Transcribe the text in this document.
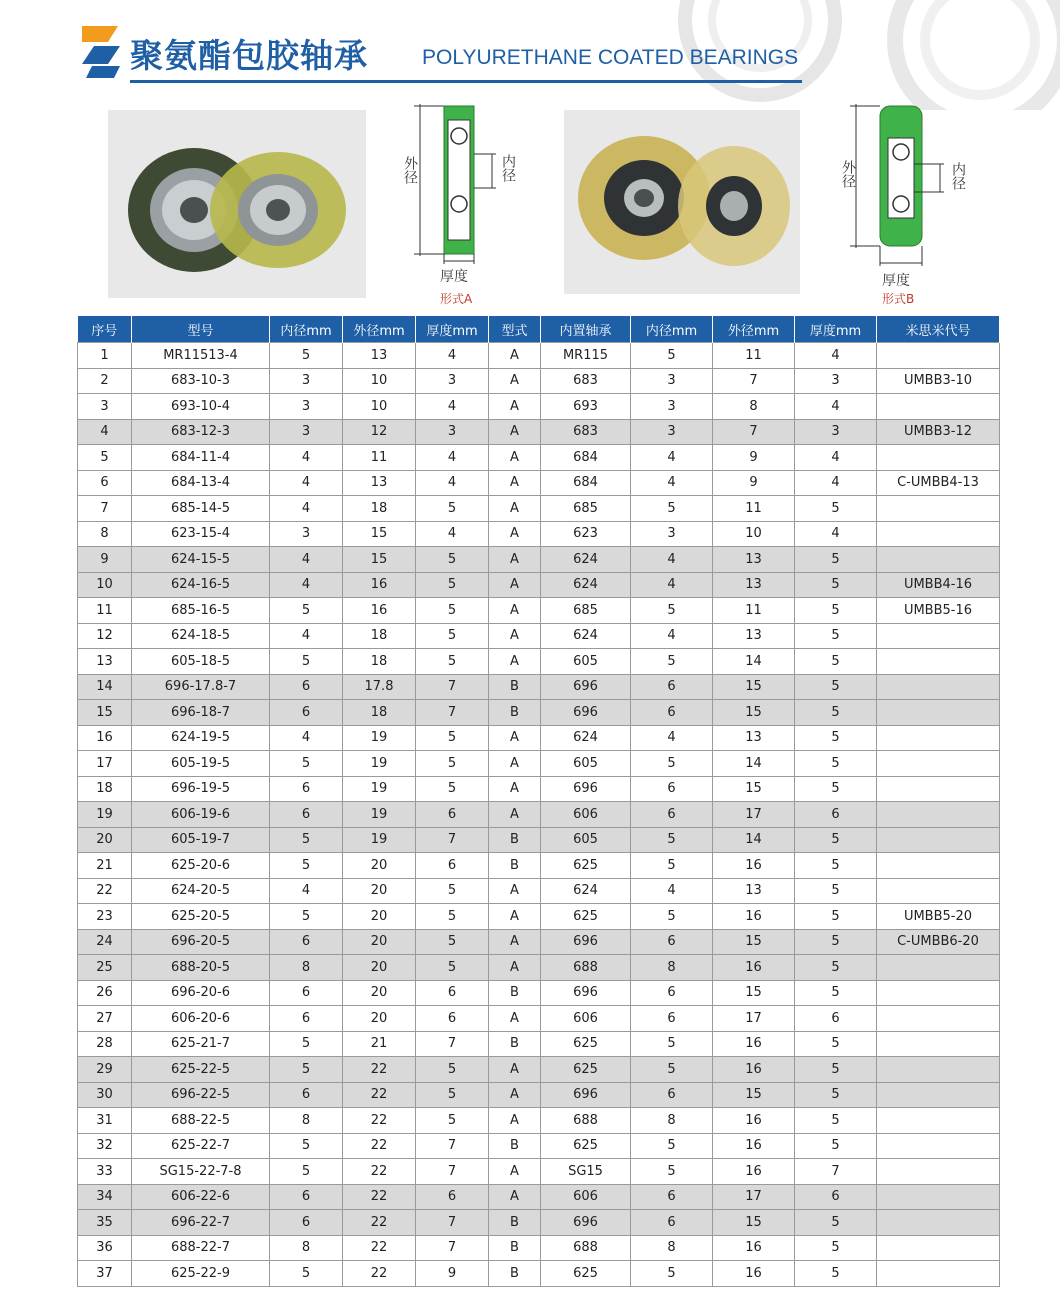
聚氨酯包胶轴承	POLYURETHANE COATED BEARINGS
外径	内径
厚度
形式A
外径	内径
厚度
形式B
序号	型号	内径mm	外径mm	厚度mm	型式	内置轴承	内径mm	外径mm	厚度mm	米思米代号
1	MR11513-4	5	13	4	A	MR115	5	11	4	
2	683-10-3	3	10	3	A	683	3	7	3	UMBB3-10
3	693-10-4	3	10	4	A	693	3	8	4	
4	683-12-3	3	12	3	A	683	3	7	3	UMBB3-12
5	684-11-4	4	11	4	A	684	4	9	4	
6	684-13-4	4	13	4	A	684	4	9	4	C-UMBB4-13
7	685-14-5	4	18	5	A	685	5	11	5	
8	623-15-4	3	15	4	A	623	3	10	4	
9	624-15-5	4	15	5	A	624	4	13	5	
10	624-16-5	4	16	5	A	624	4	13	5	UMBB4-16
11	685-16-5	5	16	5	A	685	5	11	5	UMBB5-16
12	624-18-5	4	18	5	A	624	4	13	5	
13	605-18-5	5	18	5	A	605	5	14	5	
14	696-17.8-7	6	17.8	7	B	696	6	15	5	
15	696-18-7	6	18	7	B	696	6	15	5	
16	624-19-5	4	19	5	A	624	4	13	5	
17	605-19-5	5	19	5	A	605	5	14	5	
18	696-19-5	6	19	5	A	696	6	15	5	
19	606-19-6	6	19	6	A	606	6	17	6	
20	605-19-7	5	19	7	B	605	5	14	5	
21	625-20-6	5	20	6	B	625	5	16	5	
22	624-20-5	4	20	5	A	624	4	13	5	
23	625-20-5	5	20	5	A	625	5	16	5	UMBB5-20
24	696-20-5	6	20	5	A	696	6	15	5	C-UMBB6-20
25	688-20-5	8	20	5	A	688	8	16	5	
26	696-20-6	6	20	6	B	696	6	15	5	
27	606-20-6	6	20	6	A	606	6	17	6	
28	625-21-7	5	21	7	B	625	5	16	5	
29	625-22-5	5	22	5	A	625	5	16	5	
30	696-22-5	6	22	5	A	696	6	15	5	
31	688-22-5	8	22	5	A	688	8	16	5	
32	625-22-7	5	22	7	B	625	5	16	5	
33	SG15-22-7-8	5	22	7	A	SG15	5	16	7	
34	606-22-6	6	22	6	A	606	6	17	6	
35	696-22-7	6	22	7	B	696	6	15	5	
36	688-22-7	8	22	7	B	688	8	16	5	
37	625-22-9	5	22	9	B	625	5	16	5	
